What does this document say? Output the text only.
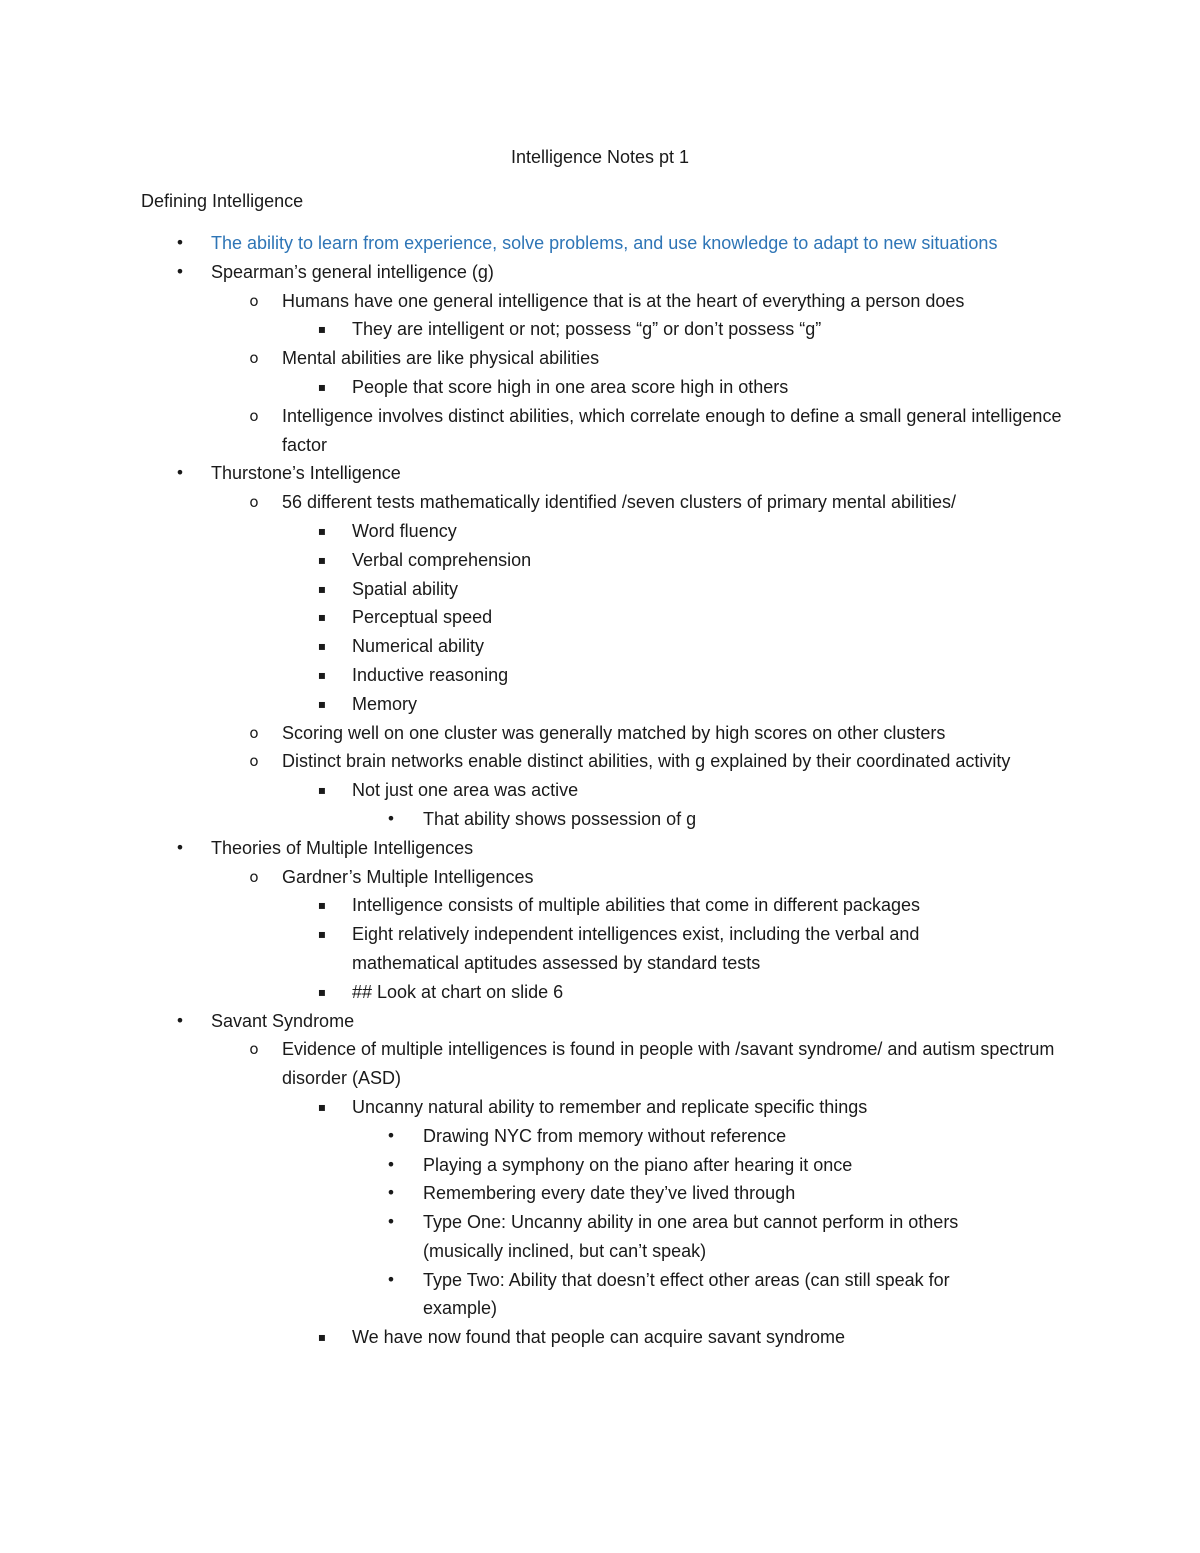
Intelligence Notes pt 1
Defining Intelligence
• The ability to learn from experience, solve problems, and use knowledge to adapt to new situations
• Spearman’s general intelligence (g)
o	Humans have one general intelligence that is at the heart of everything a person does
▪	They are intelligent or not; possess “g” or don’t possess “g”
o	Mental abilities are like physical abilities
▪	People that score high in one area score high in others
o	Intelligence involves distinct abilities, which correlate enough to define a small general intelligence factor
• Thurstone’s Intelligence
o	56 different tests mathematically identified /seven clusters of primary mental abilities/
▪	Word fluency
▪	Verbal comprehension
▪	Spatial ability
▪	Perceptual speed
▪	Numerical ability
▪	Inductive reasoning
▪	Memory
o	Scoring well on one cluster was generally matched by high scores on other clusters
o	Distinct brain networks enable distinct abilities, with g explained by their coordinated activity
▪	Not just one area was active
• That ability shows possession of g
• Theories of Multiple Intelligences
o	Gardner’s Multiple Intelligences
▪	Intelligence consists of multiple abilities that come in different packages
▪	Eight relatively independent intelligences exist, including the verbal and mathematical aptitudes assessed by standard tests
▪	## Look at chart on slide 6
• Savant Syndrome
o	Evidence of multiple intelligences is found in people with /savant syndrome/ and autism spectrum disorder (ASD)
▪	Uncanny natural ability to remember and replicate specific things
• Drawing NYC from memory without reference
• Playing a symphony on the piano after hearing it once
• Remembering every date they’ve lived through
• Type One: Uncanny ability in one area but cannot perform in others (musically inclined, but can’t speak)
• Type Two: Ability that doesn’t effect other areas (can still speak for example)
▪	We have now found that people can acquire savant syndrome
